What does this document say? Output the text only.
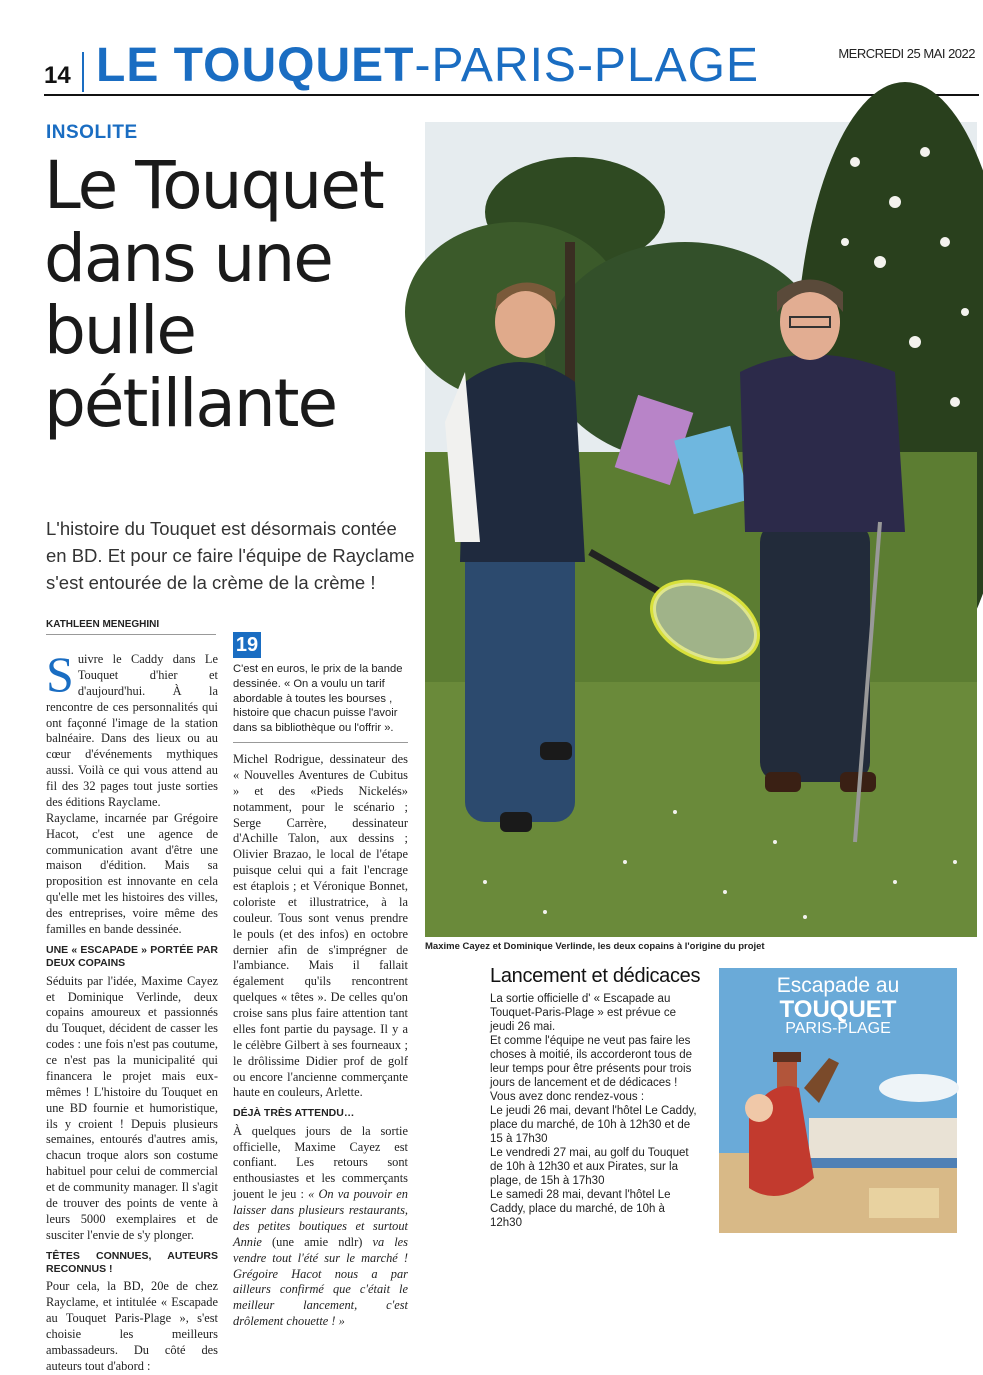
14 LE TOUQUET-PARIS-PLAGE	MERCREDI 25 MAI 2022
INSOLITE
Le Touquet dans une bulle pétillante
L'histoire du Touquet est désormais contée en BD. Et pour ce faire l'équipe de Rayclame s'est entourée de la crème de la crème !
KATHLEEN MENEGHINI

Suivre le Caddy dans Le Touquet d'hier et d'aujourd'hui. À la rencontre de ces personnalités qui ont façonné l'image de la station balnéaire. Dans des lieux ou au cœur d'événements mythiques aussi. Voilà ce qui vous attend au fil des 32 pages tout juste sorties des éditions Rayclame.

Rayclame, incarnée par Grégoire Hacot, c'est une agence de communication avant d'être une maison d'édition. Mais sa proposition est innovante en cela qu'elle met les histoires des villes, des entreprises, voire même des familles en bande dessinée.

UNE « ESCAPADE » PORTÉE PAR DEUX COPAINS

Séduits par l'idée, Maxime Cayez et Dominique Verlinde, deux copains amoureux et passionnés du Touquet, décident de casser les codes : une fois n'est pas coutume, ce n'est pas la municipalité qui financera le projet mais eux-mêmes ! L'histoire du Touquet en une BD fournie et humoristique, ils y croient ! Depuis plusieurs semaines, entourés d'autres amis, chacun troque alors son costume habituel pour celui de commercial et de community manager. Il s'agit de trouver des points de vente à leurs 5000 exemplaires et de susciter l'envie de s'y plonger.

TÊTES CONNUES, AUTEURS RECONNUS !

Pour cela, la BD, 20e de chez Rayclame, et intitulée « Escapade au Touquet Paris-Plage », s'est choisie les meilleurs ambassadeurs. Du côté des auteurs tout d'abord :

19
C'est en euros, le prix de la bande dessinée. « On a voulu un tarif abordable à toutes les bourses , histoire que chacun puisse l'avoir dans sa bibliothèque ou l'offrir ».

Michel Rodrigue, dessinateur des « Nouvelles Aventures de Cubitus » et des «Pieds Nickelés» notamment, pour le scénario ; Serge Carrère, dessinateur d'Achille Talon, aux dessins ; Olivier Brazao, le local de l'étape puisque celui qui a fait l'encrage est étaplois ; et Véronique Bonnet, coloriste et illustratrice, à la couleur. Tous sont venus prendre le pouls (et des infos) en octobre dernier afin de s'imprégner de l'ambiance. Mais il fallait également qu'ils rencontrent quelques « têtes ». De celles qu'on croise sans plus faire attention tant elles font partie du paysage. Il y a le célèbre Gilbert à ses fourneaux ; le drôlissime Didier prof de golf ou encore l'ancienne commerçante haute en couleurs, Arlette.

DÉJÀ TRÈS ATTENDU…

À quelques jours de la sortie officielle, Maxime Cayez est confiant. Les retours sont enthousiastes et les commerçants jouent le jeu : « On va pouvoir en laisser dans plusieurs restaurants, des petites boutiques et surtout Annie (une amie ndlr) va les vendre tout l'été sur le marché ! Grégoire Hacot nous a par ailleurs confirmé que c'était le meilleur lancement, c'est drôlement chouette ! »

Maxime Cayez et Dominique Verlinde, les deux copains à l'origine du projet
Lancement et dédicaces

La sortie officielle d' « Escapade au Touquet-Paris-Plage » est prévue ce jeudi 26 mai.

Et comme l'équipe ne veut pas faire les choses à moitié, ils accorderont tous de leur temps pour être présents pour trois jours de lancement et de dédicaces ! Vous avez donc rendez-vous :

Le jeudi 26 mai, devant l'hôtel Le Caddy, place du marché, de 10h à 12h30 et de 15 à 17h30

Le vendredi 27 mai, au golf du Touquet de 10h à 12h30 et aux Pirates, sur la plage, de 15h à 17h30

Le samedi 28 mai, devant l'hôtel Le Caddy, place du marché, de 10h à 12h30

Escapade au
TOUQUET
PARIS-PLAGE
